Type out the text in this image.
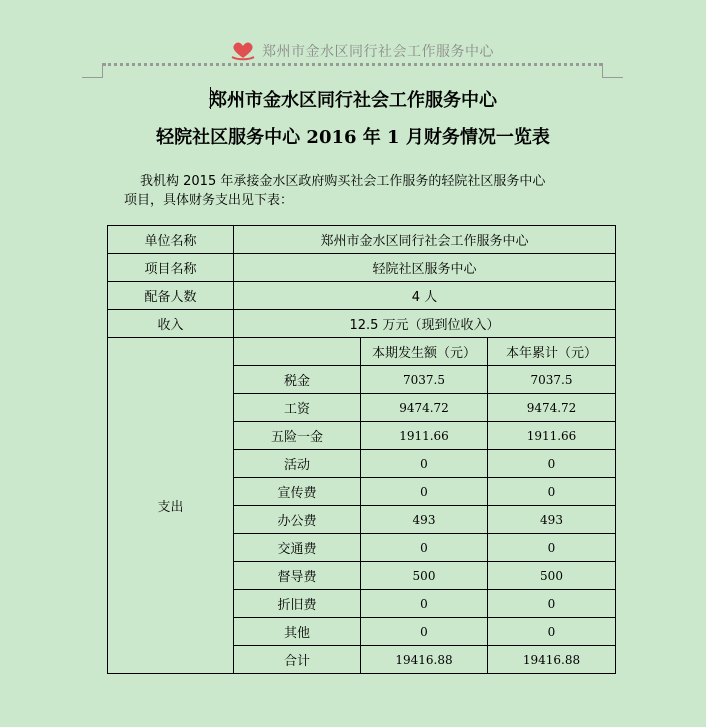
郑州市金水区同行社会工作服务中心
郑州市金水区同行社会工作服务中心
轻院社区服务中心 2016 年 1 月财务情况一览表
我机构 2015 年承接金水区政府购买社会工作服务的轻院社区服务中心
项目，具体财务支出见下表：
单位名称	郑州市金水区同行社会工作服务中心		
项目名称	轻院社区服务中心		
配备人数	4 人		
收入	12.5 万元（现到位收入）		
支出		本期发生额（元）	本年累计（元）
	税金	7037.5	7037.5
	工资	9474.72	9474.72
	五险一金	1911.66	1911.66
	活动	0	0
	宣传费	0	0
	办公费	493	493
	交通费	0	0
	督导费	500	500
	折旧费	0	0
	其他	0	0
	合计	19416.88	19416.88
